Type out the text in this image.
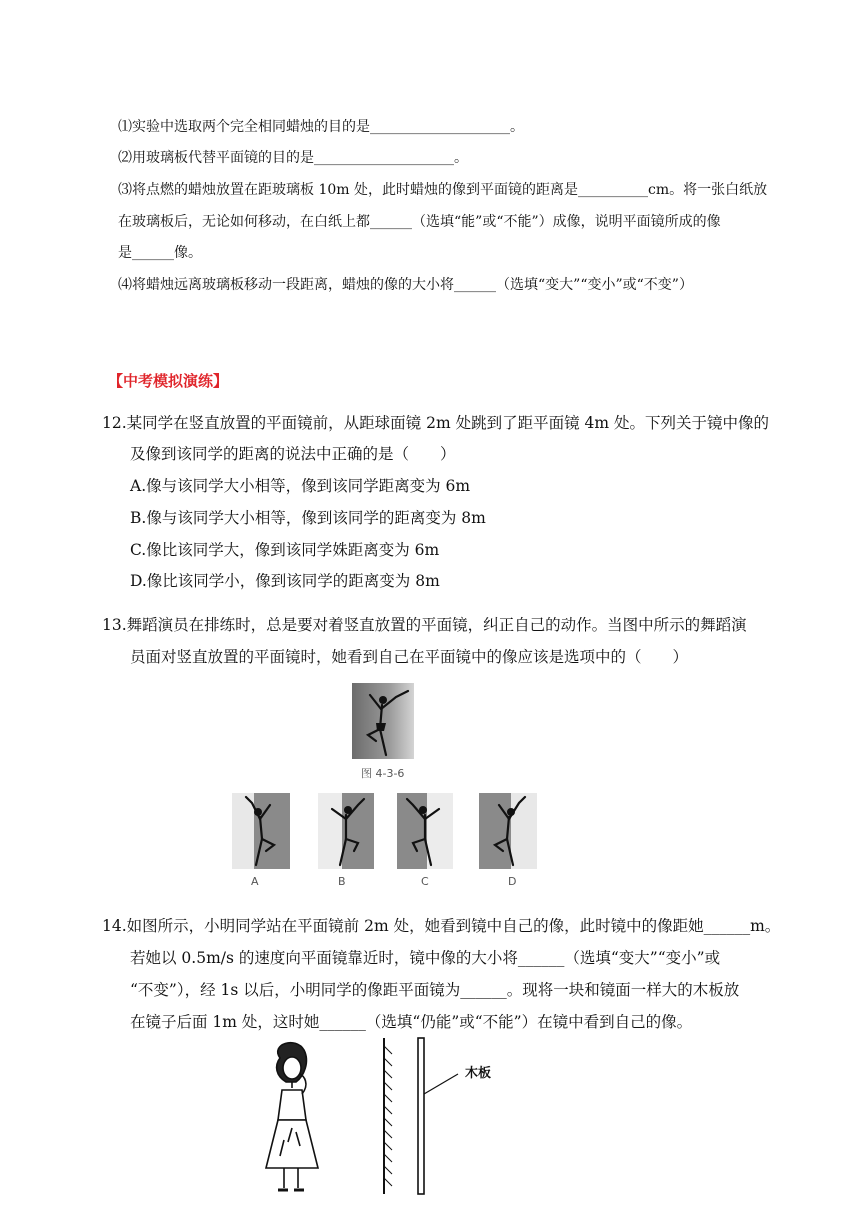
⑴实验中选取两个完全相同蜡烛的目的是____________________。
⑵用玻璃板代替平面镜的目的是____________________。
⑶将点燃的蜡烛放置在距玻璃板 10m 处，此时蜡烛的像到平面镜的距离是__________cm。将一张白纸放
在玻璃板后，无论如何移动，在白纸上都______（选填“能”或“不能”）成像，说明平面镜所成的像
是______像。
⑷将蜡烛远离玻璃板移动一段距离，蜡烛的像的大小将______（选填“变大”“变小”或“不变”）
【中考模拟演练】
12.某同学在竖直放置的平面镜前，从距球面镜 2m 处跳到了距平面镜 4m 处。下列关于镜中像的
及像到该同学的距离的说法中正确的是（　　）
A.像与该同学大小相等，像到该同学距离变为 6m
B.像与该同学大小相等，像到该同学的距离变为 8m
C.像比该同学大，像到该同学姝距离变为 6m
D.像比该同学小，像到该同学的距离变为 8m
13.舞蹈演员在排练时，总是要对着竖直放置的平面镜，纠正自己的动作。当图中所示的舞蹈演
员面对竖直放置的平面镜时，她看到自己在平面镜中的像应该是选项中的（　　）
图 4-3-6
A	B	C	D
14.如图所示，小明同学站在平面镜前 2m 处，她看到镜中自己的像，此时镜中的像距她______m。
若她以 0.5m/s 的速度向平面镜靠近时，镜中像的大小将______（选填“变大”“变小”或
“不变”），经 1s 以后，小明同学的像距平面镜为______。现将一块和镜面一样大的木板放
在镜子后面 1m 处，这时她______（选填“仍能”或“不能”）在镜中看到自己的像。
木板
